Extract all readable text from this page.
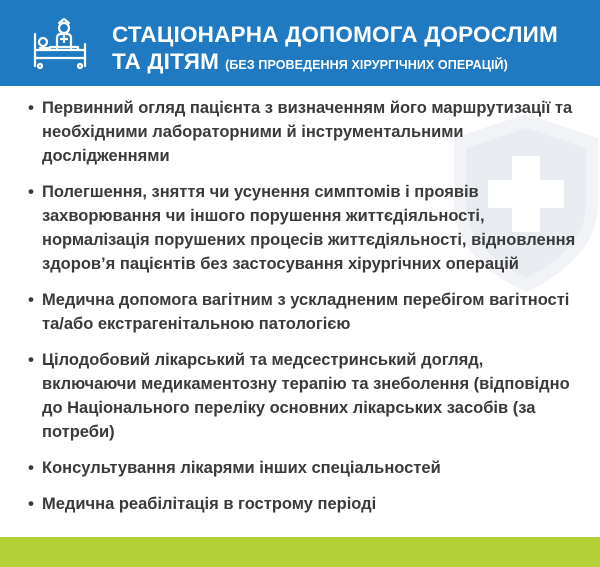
СТАЦІОНАРНА ДОПОМОГА ДОРОСЛИМ
ТА ДІТЯМ (БЕЗ ПРОВЕДЕННЯ ХІРУРГІЧНИХ ОПЕРАЦІЙ)
• Первинний огляд пацієнта з визначенням його маршрутизації та необхідними лабораторними й інструментальними дослідженнями
• Полегшення, зняття чи усунення симптомів і проявів захворювання чи іншого порушення життєдіяльності, нормалізація порушених процесів життєдіяльності, відновлення здоров’я пацієнтів без застосування хірургічних операцій
• Медична допомога вагітним з ускладненим перебігом вагітності та/або екстрагенітальною патологією
• Цілодобовий лікарський та медсестринський догляд, включаючи медикаментозну терапію та знеболення (відповідно до Національного переліку основних лікарських засобів (за потреби)
• Консультування лікарями інших спеціальностей
• Медична реабілітація в гострому періоді
